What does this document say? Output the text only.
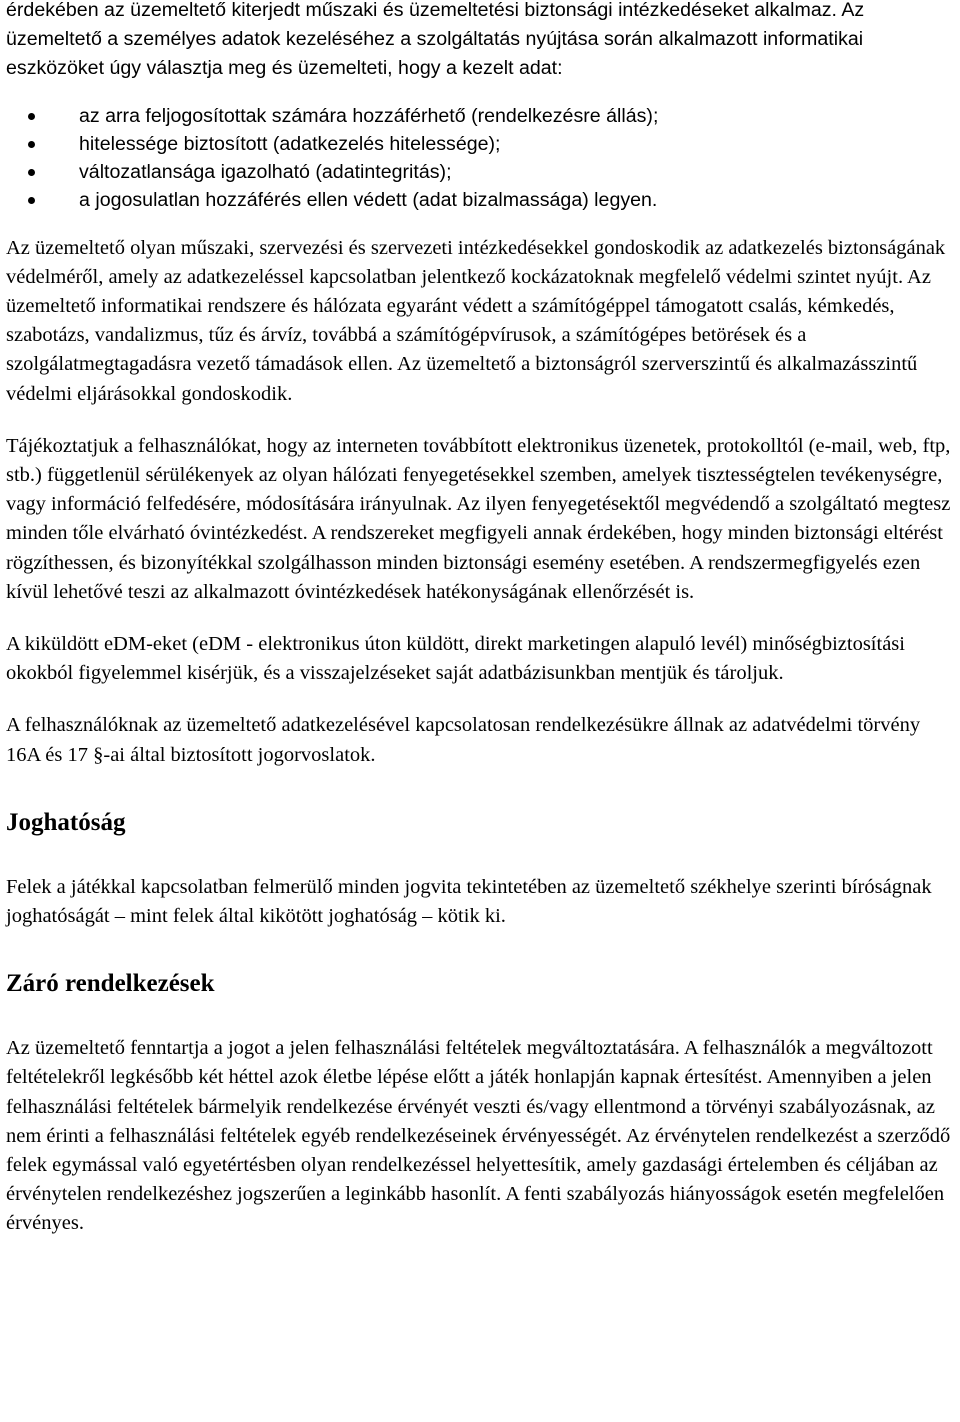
érdekében az üzemeltető kiterjedt műszaki és üzemeltetési biztonsági intézkedéseket alkalmaz. Az üzemeltető a személyes adatok kezeléséhez a szolgáltatás nyújtása során alkalmazott informatikai eszközöket úgy választja meg és üzemelteti, hogy a kezelt adat:

az arra feljogosítottak számára hozzáférhető (rendelkezésre állás);
hitelessége biztosított (adatkezelés hitelessége);
változatlansága igazolható (adatintegritás);
a jogosulatlan hozzáférés ellen védett (adat bizalmassága) legyen.

Az üzemeltető olyan műszaki, szervezési és szervezeti intézkedésekkel gondoskodik az adatkezelés biztonságának védelméről, amely az adatkezeléssel kapcsolatban jelentkező kockázatoknak megfelelő védelmi szintet nyújt. Az üzemeltető informatikai rendszere és hálózata egyaránt védett a számítógéppel támogatott csalás, kémkedés, szabotázs, vandalizmus, tűz és árvíz, továbbá a számítógépvírusok, a számítógépes betörések és a szolgálatmegtagadásra vezető támadások ellen. Az üzemeltető a biztonságról szerverszintű és alkalmazásszintű védelmi eljárásokkal gondoskodik.

Tájékoztatjuk a felhasználókat, hogy az interneten továbbított elektronikus üzenetek, protokolltól (e-mail, web, ftp, stb.) függetlenül sérülékenyek az olyan hálózati fenyegetésekkel szemben, amelyek tisztességtelen tevékenységre, vagy információ felfedésére, módosítására irányulnak. Az ilyen fenyegetésektől megvédendő a szolgáltató megtesz minden tőle elvárható óvintézkedést. A rendszereket megfigyeli annak érdekében, hogy minden biztonsági eltérést rögzíthessen, és bizonyítékkal szolgálhasson minden biztonsági esemény esetében. A rendszermegfigyelés ezen kívül lehetővé teszi az alkalmazott óvintézkedések hatékonyságának ellenőrzését is.

A kiküldött eDM-eket (eDM - elektronikus úton küldött, direkt marketingen alapuló levél) minőségbiztosítási okokból figyelemmel kisérjük, és a visszajelzéseket saját adatbázisunkban mentjük és tároljuk.

A felhasználóknak az üzemeltető adatkezelésével kapcsolatosan rendelkezésükre állnak az adatvédelmi törvény 16A és 17 §-ai által biztosított jogorvoslatok.

Joghatóság

Felek a játékkal kapcsolatban felmerülő minden jogvita tekintetében az üzemeltető székhelye szerinti bíróságnak joghatóságát – mint felek által kikötött joghatóság – kötik ki.

Záró rendelkezések

Az üzemeltető fenntartja a jogot a jelen felhasználási feltételek megváltoztatására. A felhasználók a megváltozott feltételekről legkésőbb két héttel azok életbe lépése előtt a játék honlapján kapnak értesítést. Amennyiben a jelen felhasználási feltételek bármelyik rendelkezése érvényét veszti és/vagy ellentmond a törvényi szabályozásnak, az nem érinti a felhasználási feltételek egyéb rendelkezéseinek érvényességét. Az érvénytelen rendelkezést a szerződő felek egymással való egyetértésben olyan rendelkezéssel helyettesítik, amely gazdasági értelemben és céljában az érvénytelen rendelkezéshez jogszerűen a leginkább hasonlít. A fenti szabályozás hiányosságok esetén megfelelően érvényes.
